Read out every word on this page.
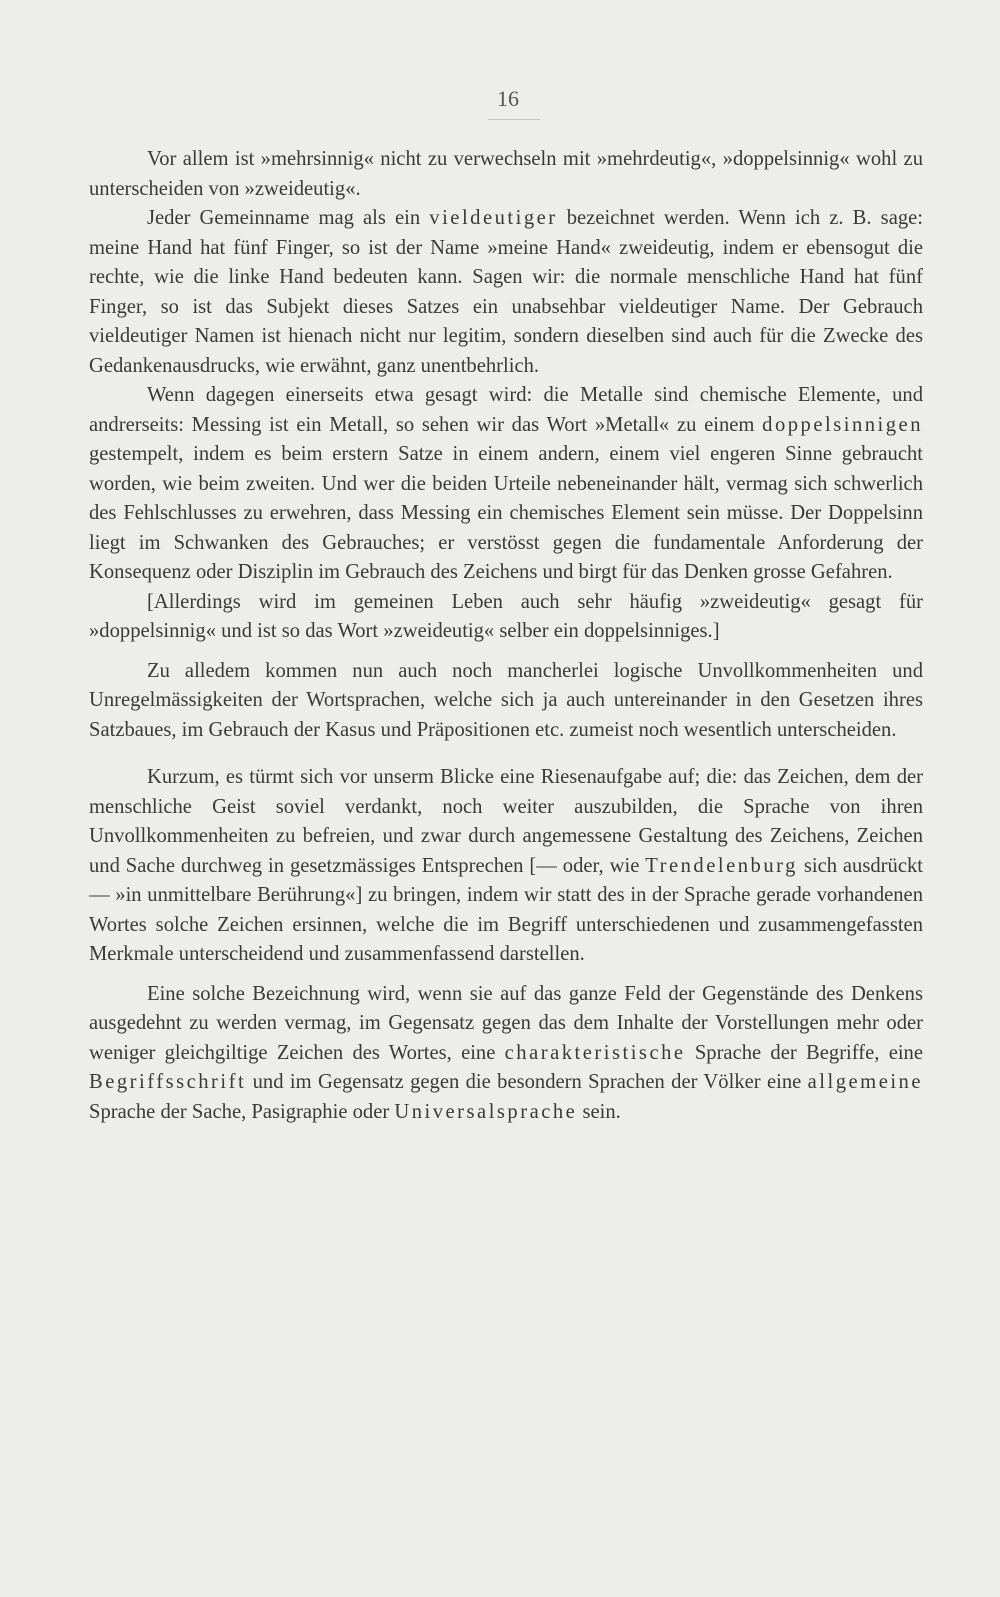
16

Vor allem ist »mehrsinnig« nicht zu verwechseln mit »mehrdeutig«, »doppelsinnig« wohl zu unterscheiden von »zweideutig«.

Jeder Gemeinname mag als ein vieldeutiger bezeichnet werden. Wenn ich z. B. sage: meine Hand hat fünf Finger, so ist der Name »meine Hand« zweideutig, indem er ebensogut die rechte, wie die linke Hand bedeuten kann. Sagen wir: die normale menschliche Hand hat fünf Finger, so ist das Subjekt dieses Satzes ein unabsehbar vieldeutiger Name. Der Gebrauch vieldeutiger Namen ist hienach nicht nur legitim, sondern dieselben sind auch für die Zwecke des Gedankenausdrucks, wie erwähnt, ganz unentbehrlich.

Wenn dagegen einerseits etwa gesagt wird: die Metalle sind chemische Elemente, und andrerseits: Messing ist ein Metall, so sehen wir das Wort »Metall« zu einem doppelsinnigen gestempelt, indem es beim erstern Satze in einem andern, einem viel engeren Sinne gebraucht worden, wie beim zweiten. Und wer die beiden Urteile nebeneinander hält, vermag sich schwerlich des Fehlschlusses zu erwehren, dass Messing ein chemisches Element sein müsse. Der Doppelsinn liegt im Schwanken des Gebrauches; er verstösst gegen die fundamentale Anforderung der Konsequenz oder Disziplin im Gebrauch des Zeichens und birgt für das Denken grosse Gefahren.

[Allerdings wird im gemeinen Leben auch sehr häufig »zweideutig« gesagt für »doppelsinnig« und ist so das Wort »zweideutig« selber ein doppelsinniges.]

Zu alledem kommen nun auch noch mancherlei logische Unvollkommenheiten und Unregelmässigkeiten der Wortsprachen, welche sich ja auch untereinander in den Gesetzen ihres Satzbaues, im Gebrauch der Kasus und Präpositionen etc. zumeist noch wesentlich unterscheiden.

Kurzum, es türmt sich vor unserm Blicke eine Riesenaufgabe auf; die: das Zeichen, dem der menschliche Geist soviel verdankt, noch weiter auszubilden, die Sprache von ihren Unvollkommenheiten zu befreien, und zwar durch angemessene Gestaltung des Zeichens, Zeichen und Sache durchweg in gesetzmässiges Entsprechen [— oder, wie Trendelenburg sich ausdrückt — »in unmittelbare Berührung«] zu bringen, indem wir statt des in der Sprache gerade vorhandenen Wortes solche Zeichen ersinnen, welche die im Begriff unterschiedenen und zusammengefassten Merkmale unterscheidend und zusammenfassend darstellen.

Eine solche Bezeichnung wird, wenn sie auf das ganze Feld der Gegenstände des Denkens ausgedehnt zu werden vermag, im Gegensatz gegen das dem Inhalte der Vorstellungen mehr oder weniger gleichgiltige Zeichen des Wortes, eine charakteristische Sprache der Begriffe, eine Begriffsschrift und im Gegensatz gegen die besondern Sprachen der Völker eine allgemeine Sprache der Sache, Pasigraphie oder Universalsprache sein.
